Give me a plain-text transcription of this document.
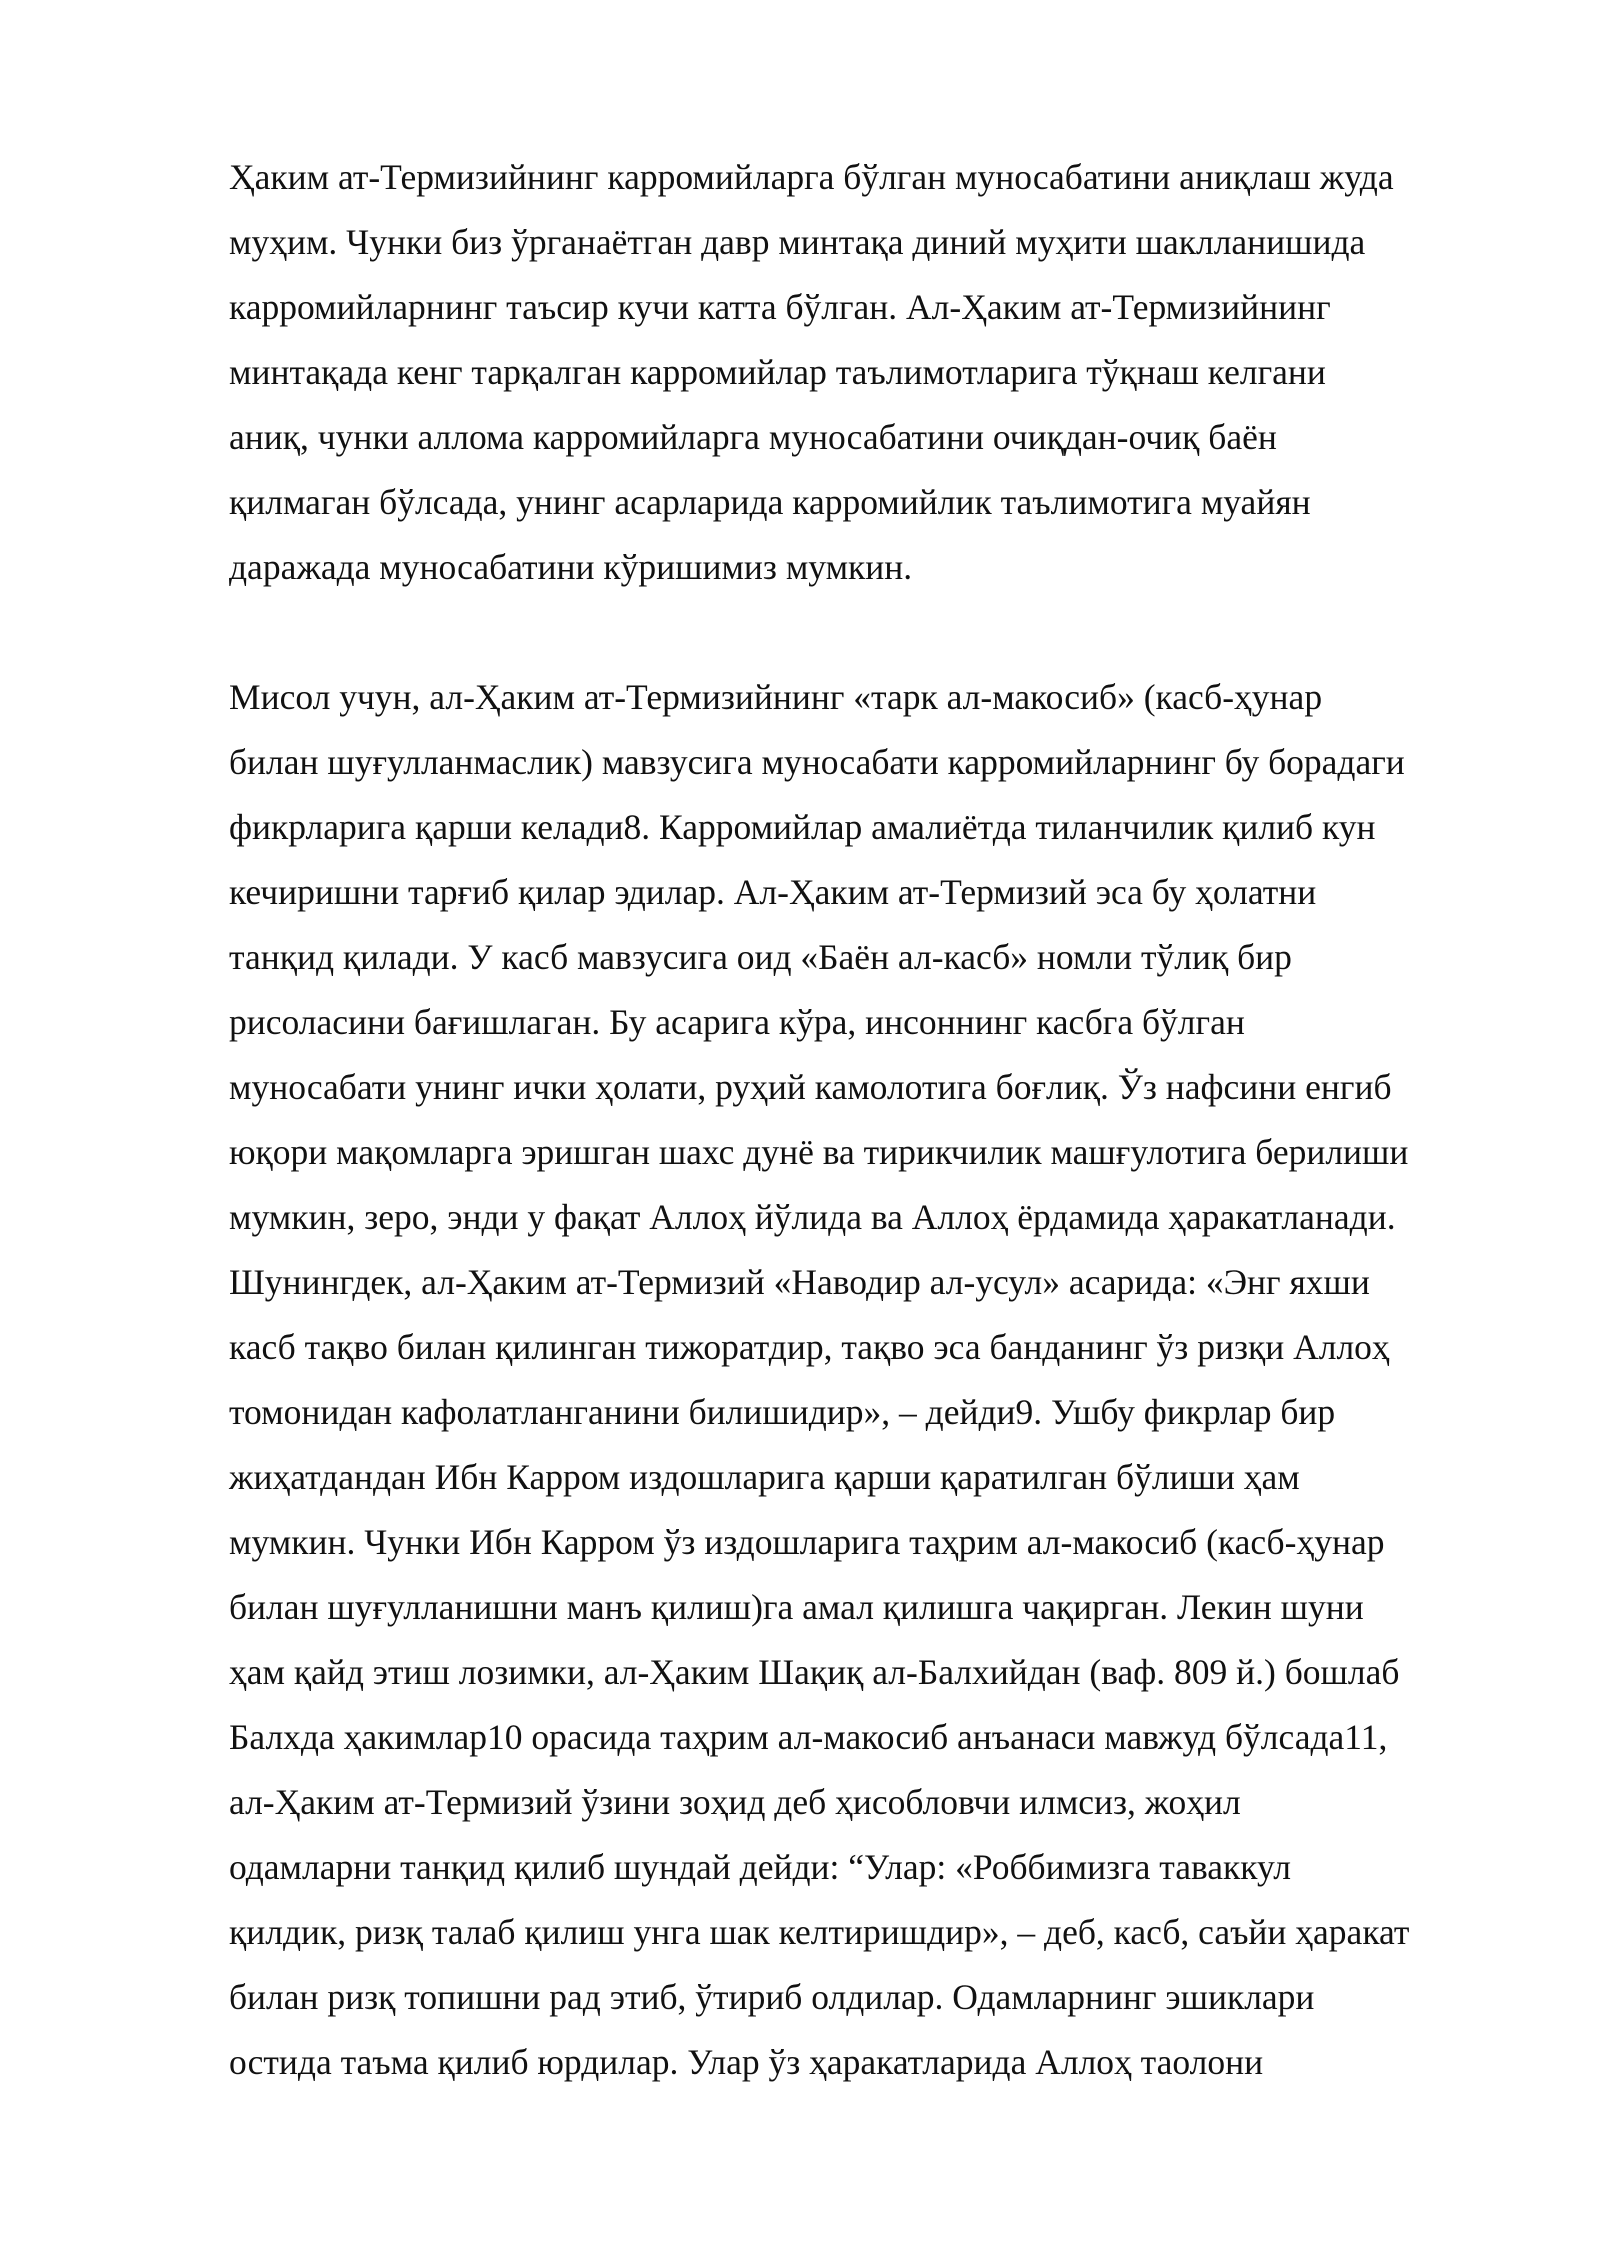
Ҳаким ат-Термизийнинг карромийларга бўлган муносабатини аниқлаш жуда
муҳим. Чунки биз ўрганаётган давр минтақа диний муҳити шаклланишида
карромийларнинг таъсир кучи катта бўлган. Ал-Ҳаким ат-Термизийнинг
минтақада кенг тарқалган карромийлар таълимотларига тўқнаш келгани
аниқ, чунки аллома карромийларга муносабатини очиқдан-очиқ баён
қилмаган бўлсада, унинг асарларида карромийлик таълимотига муайян
даражада муносабатини кўришимиз мумкин.
Мисол учун, ал-Ҳаким ат-Термизийнинг «тарк ал-макосиб» (касб-ҳунар
билан шуғулланмаслик) мавзусига муносабати карромийларнинг бу борадаги
фикрларига қарши келади8. Карромийлар амалиётда тиланчилик қилиб кун
кечиришни тарғиб қилар эдилар. Ал-Ҳаким ат-Термизий эса бу ҳолатни
танқид қилади. У касб мавзусига оид «Баён ал-касб» номли тўлиқ бир
рисоласини бағишлаган. Бу асарига кўра, инсоннинг касбга бўлган
муносабати унинг ички ҳолати, руҳий камолотига боғлиқ. Ўз нафсини енгиб
юқори мақомларга эришган шахс дунё ва тирикчилик машғулотига берилиши
мумкин, зеро, энди у фақат Аллоҳ йўлида ва Аллоҳ ёрдамида ҳаракатланади.
Шунингдек, ал-Ҳаким ат-Термизий «Наводир ал-усул» асарида: «Энг яхши
касб тақво билан қилинган тижоратдир, тақво эса банданинг ўз ризқи Аллоҳ
томонидан кафолатланганини билишидир», – дейди9. Ушбу фикрлар бир
жиҳатдандан Ибн Карром издошларига қарши қаратилган бўлиши ҳам
мумкин. Чунки Ибн Карром ўз издошларига таҳрим ал-макосиб (касб-ҳунар
билан шуғулланишни манъ қилиш)га амал қилишга чақирган. Лекин шуни
ҳам қайд этиш лозимки, ал-Ҳаким Шақиқ ал-Балхийдан (ваф. 809 й.) бошлаб
Балхда ҳакимлар10 орасида таҳрим ал-макосиб анъанаси мавжуд бўлсада11,
ал-Ҳаким ат-Термизий ўзини зоҳид деб ҳисобловчи илмсиз, жоҳил
одамларни танқид қилиб шундай дейди: “Улар: «Роббимизга таваккул
қилдик, ризқ талаб қилиш унга шак келтиришдир», – деб, касб, саъйи ҳаракат
билан ризқ топишни рад этиб, ўтириб олдилар. Одамларнинг эшиклари
остида таъма қилиб юрдилар. Улар ўз ҳаракатларида Аллоҳ таолони
